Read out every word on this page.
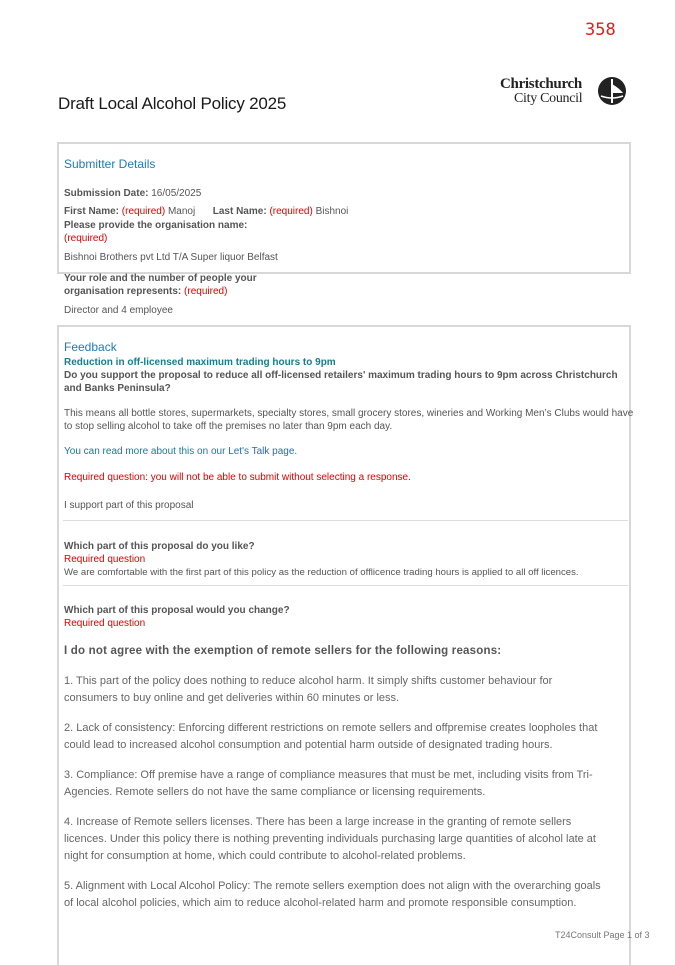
358
Draft Local Alcohol Policy 2025
Christchurch
City Council
Submitter Details
Submission Date: 16/05/2025
First Name: (required) Manoj Last Name: (required) Bishnoi
Please provide the organisation name:
(required)
Bishnoi Brothers pvt Ltd T/A Super liquor Belfast
Your role and the number of people your
organisation represents: (required)
Director and 4 employee
Feedback
Reduction in off-licensed maximum trading hours to 9pm
Do you support the proposal to reduce all off-licensed retailers' maximum trading hours to 9pm across Christchurch
and Banks Peninsula?
This means all bottle stores, supermarkets, specialty stores, small grocery stores, wineries and Working Men’s Clubs would have
to stop selling alcohol to take off the premises no later than 9pm each day.
You can read more about this on our Let's Talk page.
Required question: you will not be able to submit without selecting a response.
I support part of this proposal
Which part of this proposal do you like?
Required question
We are comfortable with the first part of this policy as the reduction of offlicence trading hours is applied to all off licences.
Which part of this proposal would you change?
Required question
I do not agree with the exemption of remote sellers for the following reasons:
1. This part of the policy does nothing to reduce alcohol harm. It simply shifts customer behaviour for
consumers to buy online and get deliveries within 60 minutes or less.
2. Lack of consistency: Enforcing different restrictions on remote sellers and offpremise creates loopholes that
could lead to increased alcohol consumption and potential harm outside of designated trading hours.
3. Compliance: Off premise have a range of compliance measures that must be met, including visits from Tri-
Agencies. Remote sellers do not have the same compliance or licensing requirements.
4. Increase of Remote sellers licenses. There has been a large increase in the granting of remote sellers
licences. Under this policy there is nothing preventing individuals purchasing large quantities of alcohol late at
night for consumption at home, which could contribute to alcohol-related problems.
5. Alignment with Local Alcohol Policy: The remote sellers exemption does not align with the overarching goals
of local alcohol policies, which aim to reduce alcohol-related harm and promote responsible consumption.
T24Consult Page 1 of 3
